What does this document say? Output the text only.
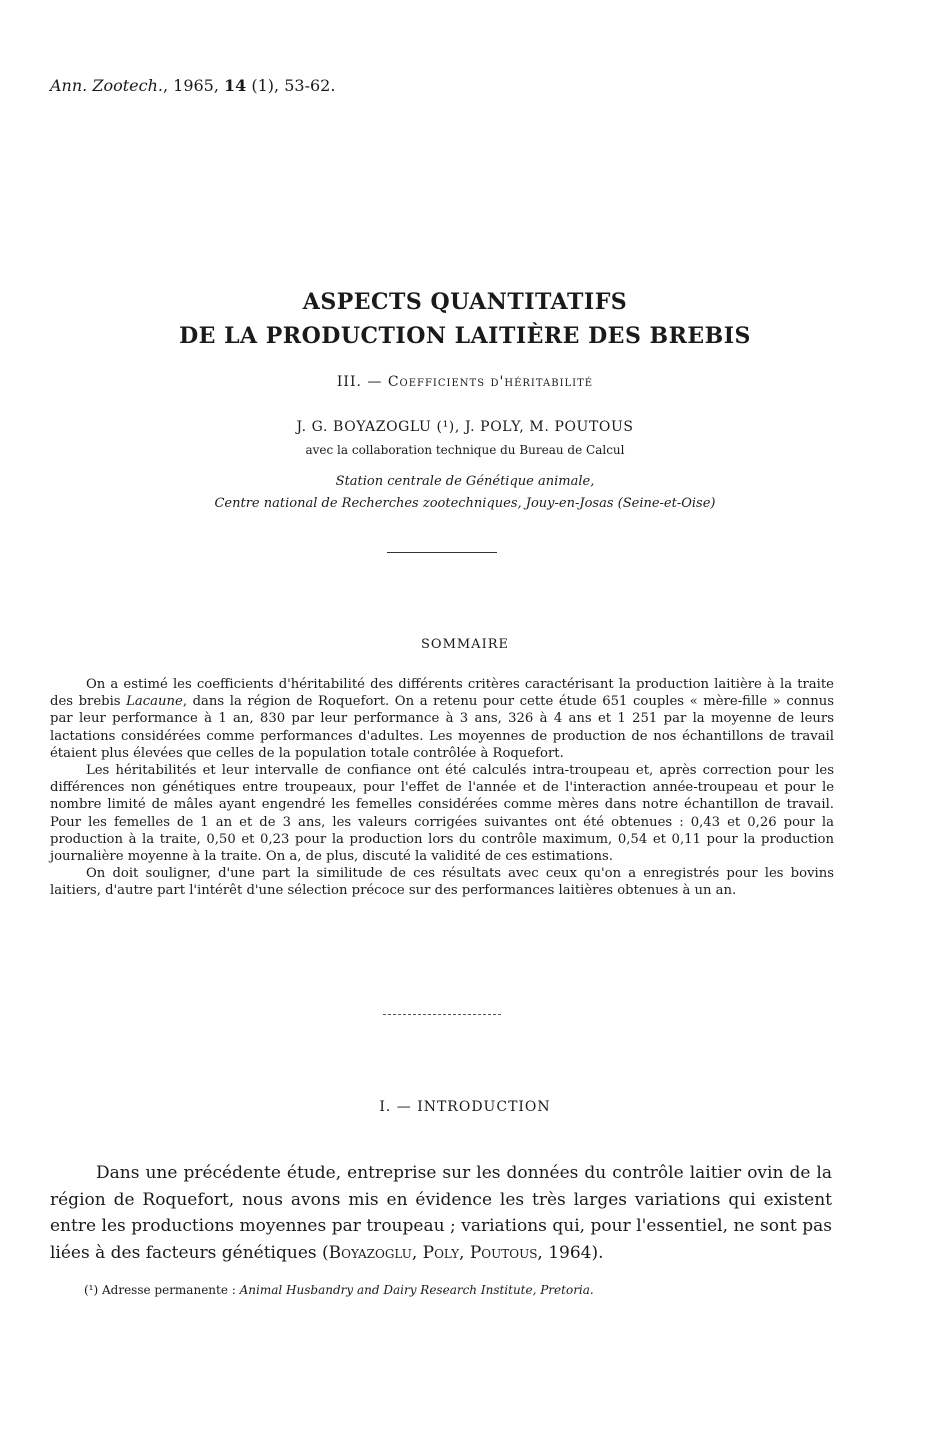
Ann. Zootech., 1965, 14 (1), 53-62.
ASPECTS QUANTITATIFS
DE LA PRODUCTION LAITIÈRE DES BREBIS
III. — Coefficients d'héritabilité
J. G. BOYAZOGLU (¹), J. POLY, M. POUTOUS
avec la collaboration technique du Bureau de Calcul
Station centrale de Génétique animale,
Centre national de Recherches zootechniques, Jouy-en-Josas (Seine-et-Oise)
SOMMAIRE

On a estimé les coefficients d'héritabilité des différents critères caractérisant la production laitière à la traite des brebis Lacaune, dans la région de Roquefort. On a retenu pour cette étude 651 couples « mère-fille » connus par leur performance à 1 an, 830 par leur performance à 3 ans, 326 à 4 ans et 1 251 par la moyenne de leurs lactations considérées comme performances d'adultes. Les moyennes de production de nos échantillons de travail étaient plus élevées que celles de la population totale contrôlée à Roquefort.

Les héritabilités et leur intervalle de confiance ont été calculés intra-troupeau et, après correction pour les différences non génétiques entre troupeaux, pour l'effet de l'année et de l'interaction année-troupeau et pour le nombre limité de mâles ayant engendré les femelles considérées comme mères dans notre échantillon de travail. Pour les femelles de 1 an et de 3 ans, les valeurs corrigées suivantes ont été obtenues : 0,43 et 0,26 pour la production à la traite, 0,50 et 0,23 pour la production lors du contrôle maximum, 0,54 et 0,11 pour la production journalière moyenne à la traite. On a, de plus, discuté la validité de ces estimations.

On doit souligner, d'une part la similitude de ces résultats avec ceux qu'on a enregistrés pour les bovins laitiers, d'autre part l'intérêt d'une sélection précoce sur des performances laitières obtenues à un an.

I. — INTRODUCTION

Dans une précédente étude, entreprise sur les données du contrôle laitier ovin de la région de Roquefort, nous avons mis en évidence les très larges variations qui existent entre les productions moyennes par troupeau ; variations qui, pour l'essentiel, ne sont pas liées à des facteurs génétiques (Boyazoglu, Poly, Poutous, 1964).

(¹) Adresse permanente : Animal Husbandry and Dairy Research Institute, Pretoria.
